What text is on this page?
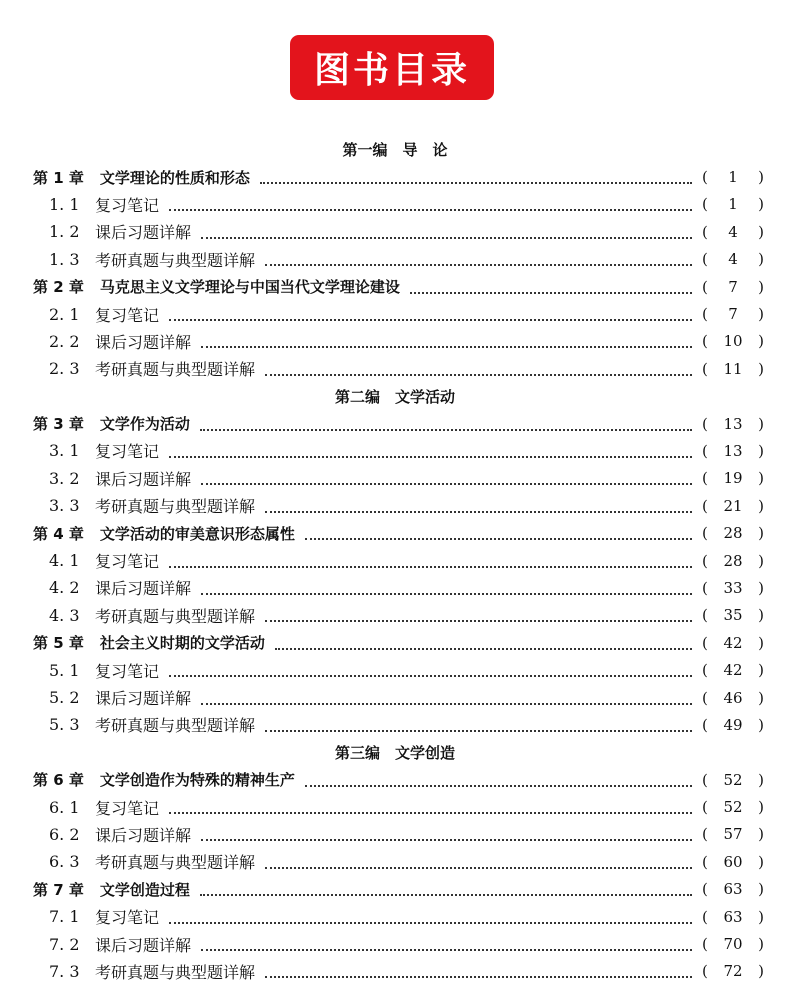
图书目录
第一编　导　论
第 1 章 文学理论的性质和形态	(	1	)
1. 1 复习笔记	(	1	)
1. 2 课后习题详解	(	4	)
1. 3 考研真题与典型题详解	(	4	)
第 2 章 马克思主义文学理论与中国当代文学理论建设	(	7	)
2. 1 复习笔记	(	7	)
2. 2 课后习题详解	(	10	)
2. 3 考研真题与典型题详解	(	11	)
第二编　文学活动
第 3 章 文学作为活动	(	13	)
3. 1 复习笔记	(	13	)
3. 2 课后习题详解	(	19	)
3. 3 考研真题与典型题详解	(	21	)
第 4 章 文学活动的审美意识形态属性	(	28	)
4. 1 复习笔记	(	28	)
4. 2 课后习题详解	(	33	)
4. 3 考研真题与典型题详解	(	35	)
第 5 章 社会主义时期的文学活动	(	42	)
5. 1 复习笔记	(	42	)
5. 2 课后习题详解	(	46	)
5. 3 考研真题与典型题详解	(	49	)
第三编　文学创造
第 6 章 文学创造作为特殊的精神生产	(	52	)
6. 1 复习笔记	(	52	)
6. 2 课后习题详解	(	57	)
6. 3 考研真题与典型题详解	(	60	)
第 7 章 文学创造过程	(	63	)
7. 1 复习笔记	(	63	)
7. 2 课后习题详解	(	70	)
7. 3 考研真题与典型题详解	(	72	)
